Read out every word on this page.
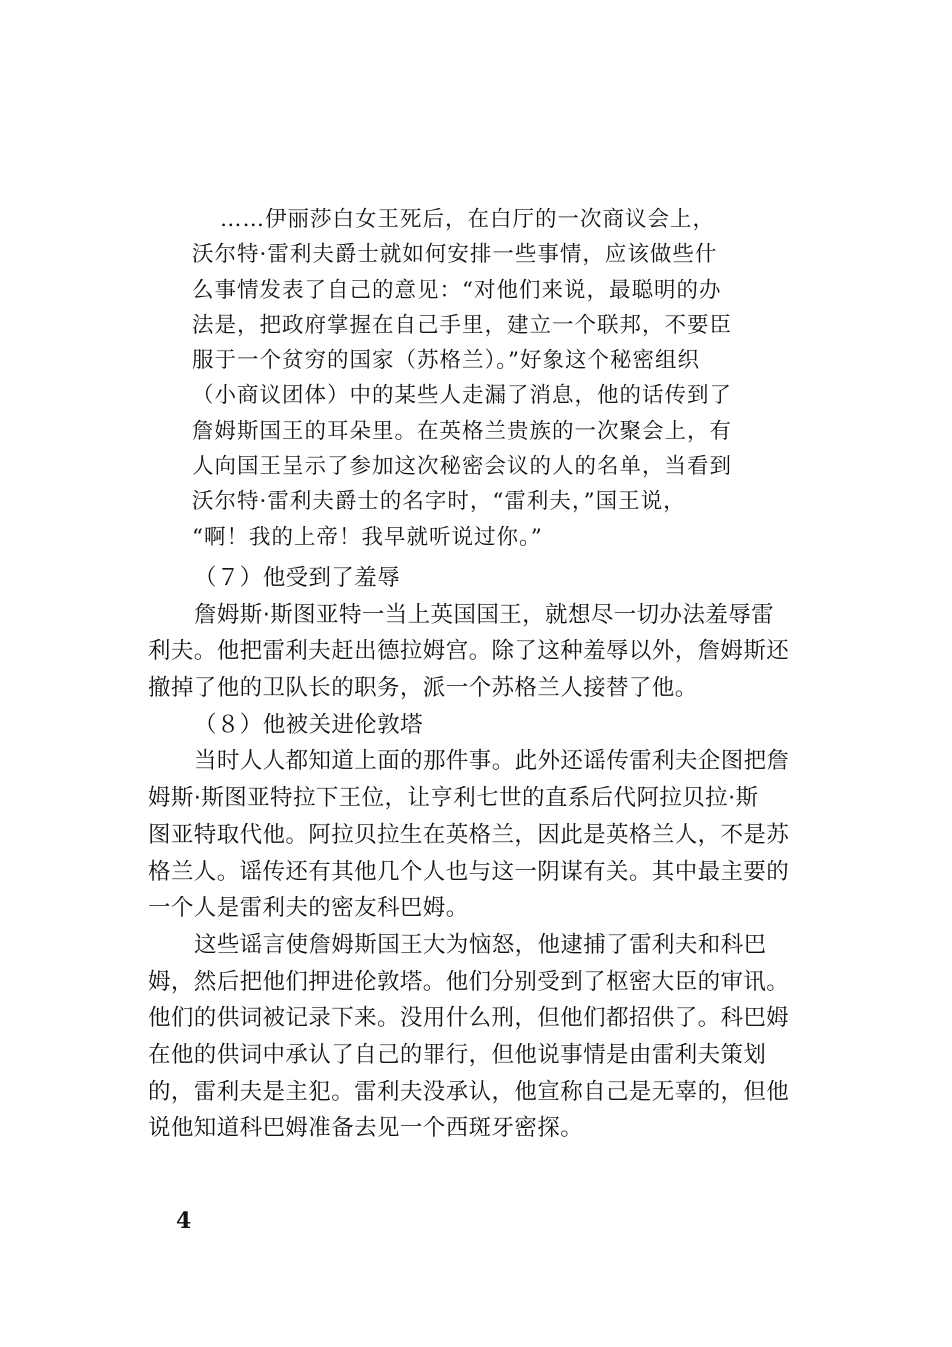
……伊丽莎白女王死后，在白厅的一次商议会上，
沃尔特·雷利夫爵士就如何安排一些事情，应该做些什
么事情发表了自己的意见：“对他们来说，最聪明的办
法是，把政府掌握在自己手里，建立一个联邦，不要臣
服于一个贫穷的国家（苏格兰）。”好象这个秘密组织
（小商议团体）中的某些人走漏了消息，他的话传到了
詹姆斯国王的耳朵里。在英格兰贵族的一次聚会上，有
人向国王呈示了参加这次秘密会议的人的名单，当看到
沃尔特·雷利夫爵士的名字时，“雷利夫，”国王说，
“啊！我的上帝！我早就听说过你。”
（７）他受到了羞辱
詹姆斯·斯图亚特一当上英国国王，就想尽一切办法羞辱雷
利夫。他把雷利夫赶出德拉姆宫。除了这种羞辱以外，詹姆斯还
撤掉了他的卫队长的职务，派一个苏格兰人接替了他。
（８）他被关进伦敦塔
当时人人都知道上面的那件事。此外还谣传雷利夫企图把詹
姆斯·斯图亚特拉下王位，让亨利七世的直系后代阿拉贝拉·斯
图亚特取代他。阿拉贝拉生在英格兰，因此是英格兰人，不是苏
格兰人。谣传还有其他几个人也与这一阴谋有关。其中最主要的
一个人是雷利夫的密友科巴姆。
这些谣言使詹姆斯国王大为恼怒，他逮捕了雷利夫和科巴
姆，然后把他们押进伦敦塔。他们分别受到了枢密大臣的审讯。
他们的供词被记录下来。没用什么刑，但他们都招供了。科巴姆
在他的供词中承认了自己的罪行，但他说事情是由雷利夫策划
的，雷利夫是主犯。雷利夫没承认，他宣称自己是无辜的，但他
说他知道科巴姆准备去见一个西斑牙密探。
4
